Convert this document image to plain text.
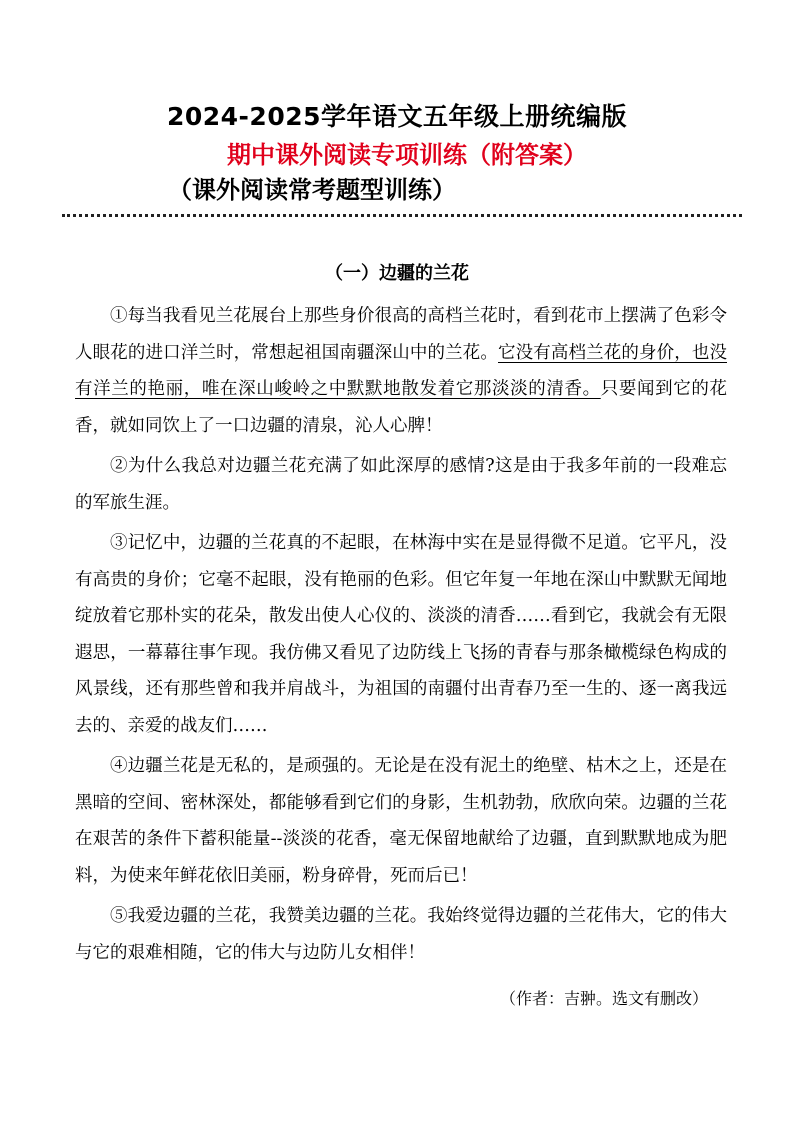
2024-2025学年语文五年级上册统编版
期中课外阅读专项训练（附答案）
（课外阅读常考题型训练）
（一）边疆的兰花

①每当我看见兰花展台上那些身价很高的高档兰花时，看到花市上摆满了色彩令人眼花的进口洋兰时，常想起祖国南疆深山中的兰花。它没有高档兰花的身价，也没有洋兰的艳丽，唯在深山峻岭之中默默地散发着它那淡淡的清香。只要闻到它的花香，就如同饮上了一口边疆的清泉，沁人心脾！

②为什么我总对边疆兰花充满了如此深厚的感情?这是由于我多年前的一段难忘的军旅生涯。

③记忆中，边疆的兰花真的不起眼，在林海中实在是显得微不足道。它平凡，没有高贵的身价；它毫不起眼，没有艳丽的色彩。但它年复一年地在深山中默默无闻地绽放着它那朴实的花朵，散发出使人心仪的、淡淡的清香……看到它，我就会有无限遐思，一幕幕往事乍现。我仿佛又看见了边防线上飞扬的青春与那条橄榄绿色构成的风景线，还有那些曾和我并肩战斗，为祖国的南疆付出青春乃至一生的、逐一离我远去的、亲爱的战友们……

④边疆兰花是无私的，是顽强的。无论是在没有泥土的绝壁、枯木之上，还是在黑暗的空间、密林深处，都能够看到它们的身影，生机勃勃，欣欣向荣。边疆的兰花在艰苦的条件下蓄积能量--淡淡的花香，毫无保留地献给了边疆，直到默默地成为肥料，为使来年鲜花依旧美丽，粉身碎骨，死而后已！

⑤我爱边疆的兰花，我赞美边疆的兰花。我始终觉得边疆的兰花伟大，它的伟大与它的艰难相随，它的伟大与边防儿女相伴！

（作者：吉翀。选文有删改）
